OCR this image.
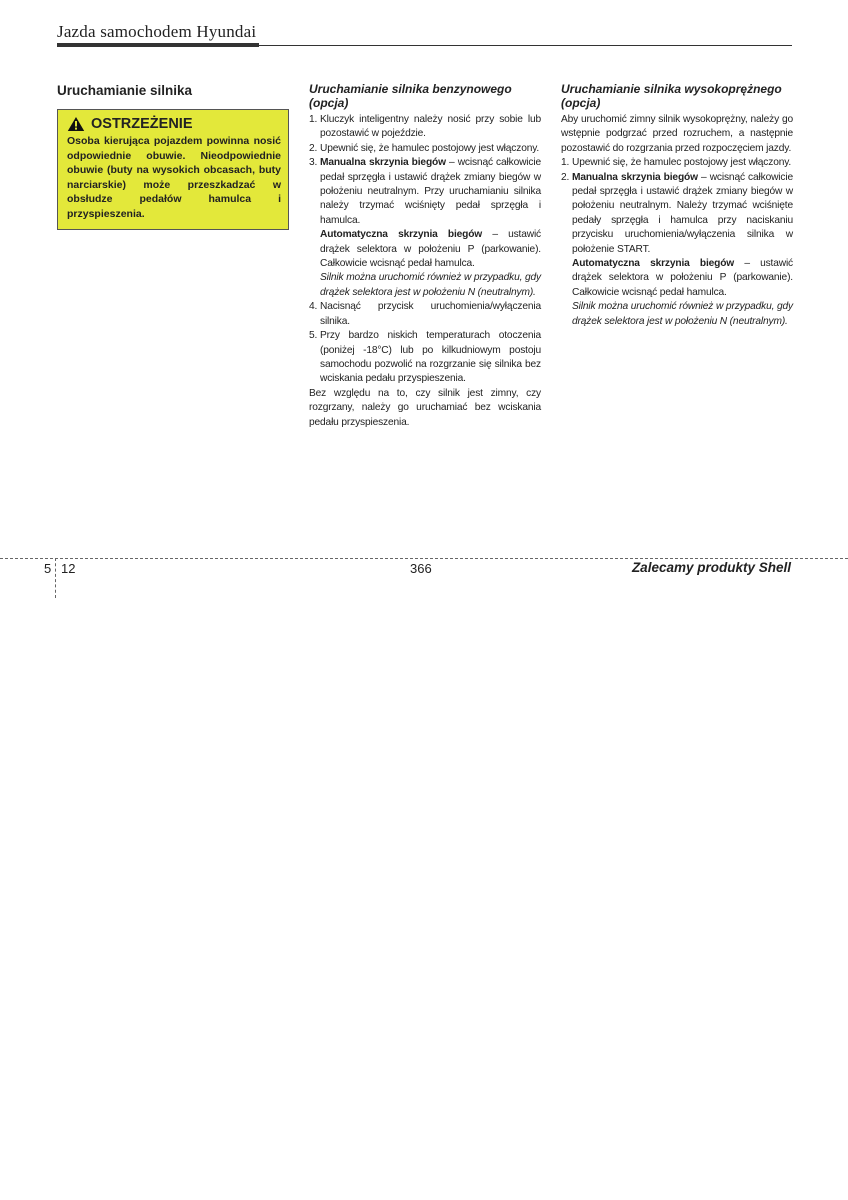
Jazda samochodem Hyundai
Uruchamianie silnika
OSTRZEŻENIE
Osoba kierująca pojazdem powinna nosić odpowiednie obuwie. Nieodpowiednie obuwie (buty na wysokich obcasach, buty narciarskie) może przeszkadzać w obsłudze pedałów hamulca i przyspieszenia.
Uruchamianie silnika benzynowego (opcja)
1. Kluczyk inteligentny należy nosić przy sobie lub pozostawić w pojeździe.
2. Upewnić się, że hamulec postojowy jest włączony.
3. Manualna skrzynia biegów – wcisnąć całkowicie pedał sprzęgła i ustawić drążek zmiany biegów w położeniu neutralnym. Przy uruchamianiu silnika należy trzymać wciśnięty pedał sprzęgła i hamulca.
Automatyczna skrzynia biegów – ustawić drążek selektora w położeniu P (parkowanie). Całkowicie wcisnąć pedał hamulca.
Silnik można uruchomić również w przypadku, gdy drążek selektora jest w położeniu N (neutralnym).
4. Nacisnąć przycisk uruchomienia/wyłączenia silnika.
5. Przy bardzo niskich temperaturach otoczenia (poniżej -18°C) lub po kilkudniowym postoju samochodu pozwolić na rozgrzanie się silnika bez wciskania pedału przyspieszenia.

Bez względu na to, czy silnik jest zimny, czy rozgrzany, należy go uruchamiać bez wciskania pedału przyspieszenia.

Uruchamianie silnika wysokoprężnego (opcja)

Aby uruchomić zimny silnik wysokoprężny, należy go wstępnie podgrzać przed rozruchem, a następnie pozostawić do rozgrzania przed rozpoczęciem jazdy.

1. Upewnić się, że hamulec postojowy jest włączony.
2. Manualna skrzynia biegów – wcisnąć całkowicie pedał sprzęgła i ustawić drążek zmiany biegów w położeniu neutralnym. Należy trzymać wciśnięte pedały sprzęgła i hamulca przy naciskaniu przycisku uruchomienia/wyłączenia silnika w położenie START.
Automatyczna skrzynia biegów – ustawić drążek selektora w położeniu P (parkowanie). Całkowicie wcisnąć pedał hamulca.
Silnik można uruchomić również w przypadku, gdy drążek selektora jest w położeniu N (neutralnym).
5 12	366	Zalecamy produkty Shell
